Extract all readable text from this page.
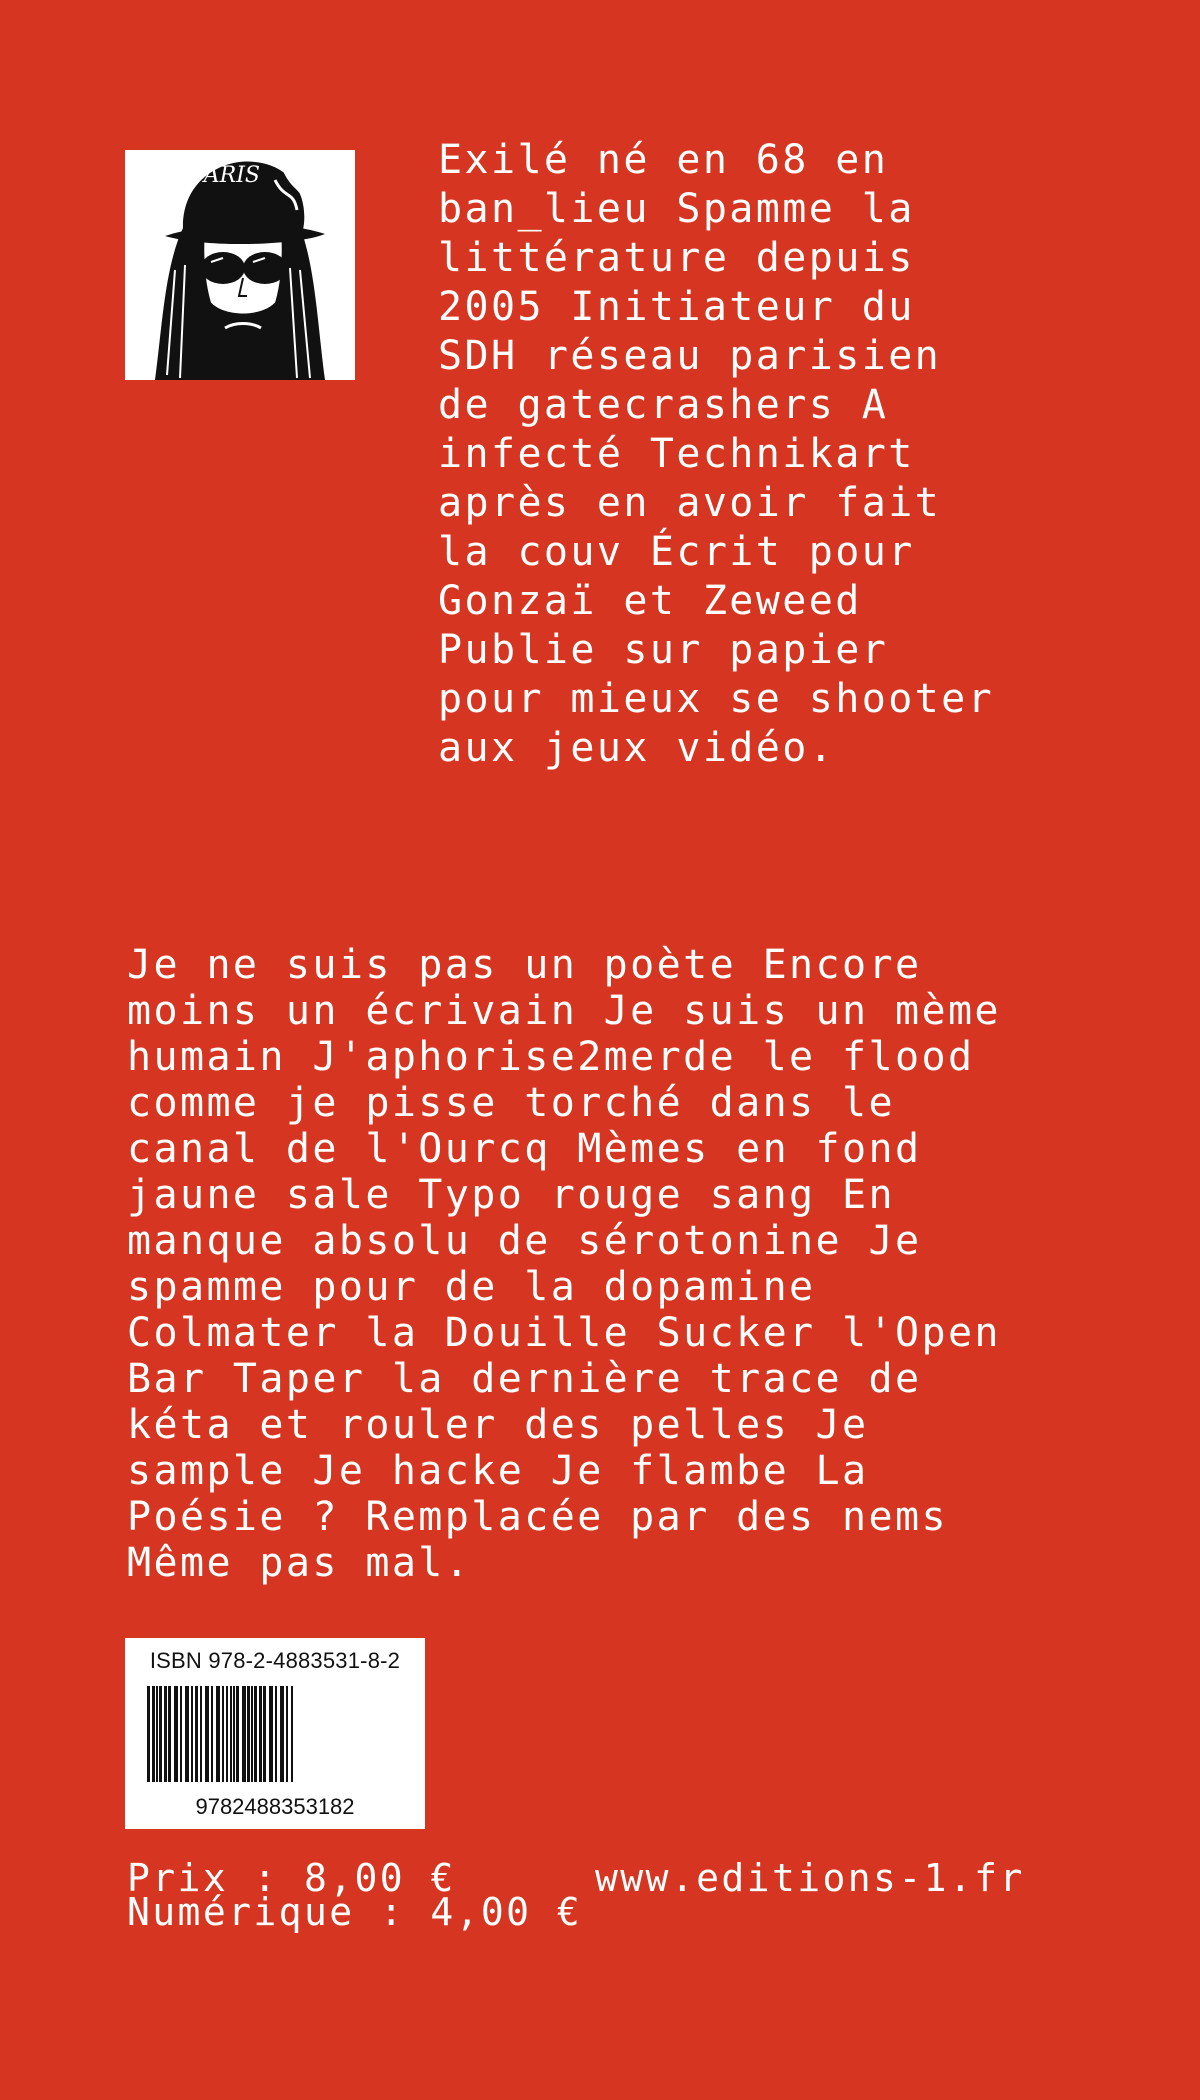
PARIS	Exilé né en 68 en
ban_lieu Spamme la
littérature depuis
2005 Initiateur du
SDH réseau parisien
de gatecrashers A
infecté Technikart
après en avoir fait
la couv Écrit pour
Gonzaï et Zeweed
Publie sur papier
pour mieux se shooter
aux jeux vidéo.

Je ne suis pas un poète Encore
moins un écrivain Je suis un mème
humain J'aphorise2merde le flood
comme je pisse torché dans le
canal de l'Ourcq Mèmes en fond
jaune sale Typo rouge sang En
manque absolu de sérotonine Je
spamme pour de la dopamine
Colmater la Douille Sucker l'Open
Bar Taper la dernière trace de
kéta et rouler des pelles Je
sample Je hacke Je flambe La
Poésie ? Remplacée par des nems
Même pas mal.

ISBN 978-2-4883531-8-2
9782488353182

Prix : 8,00 €

Numérique : 4,00 €

www.editions-1.fr
